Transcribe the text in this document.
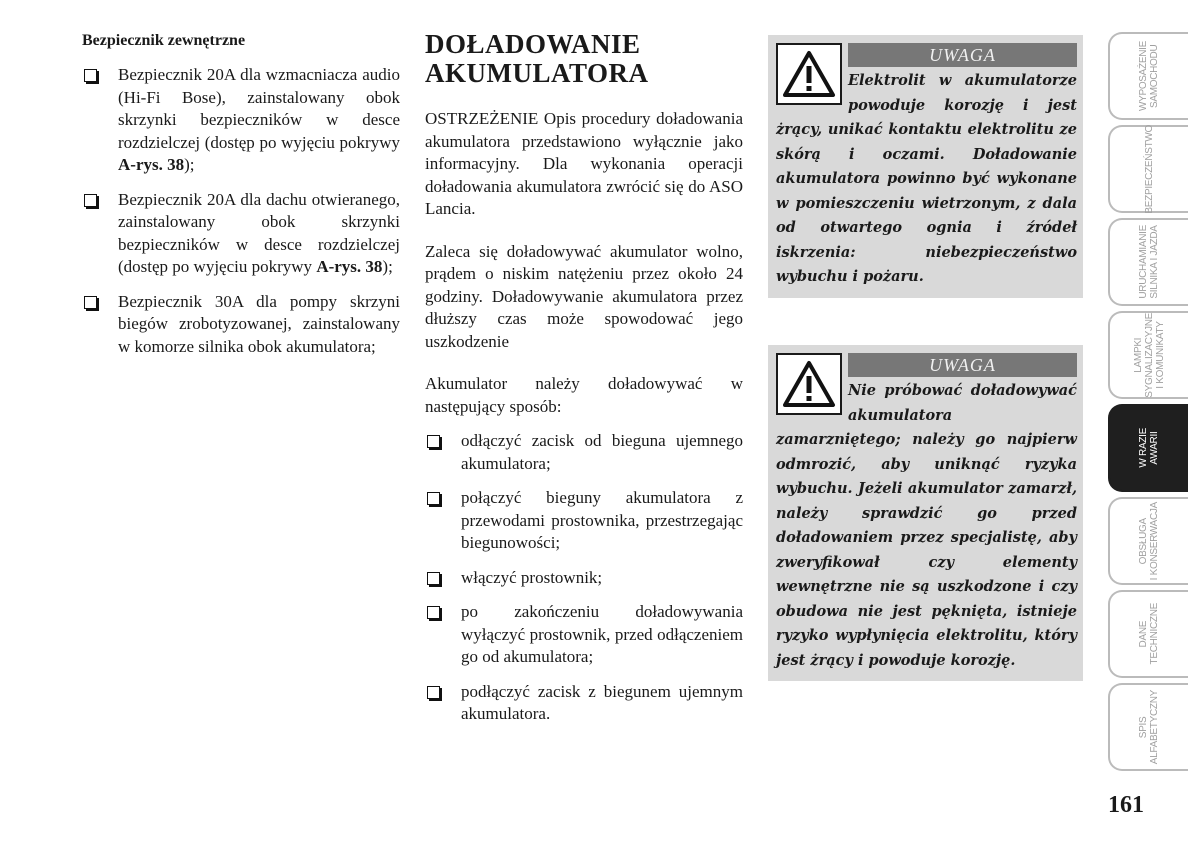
Bezpiecznik zewnętrzne
Bezpiecznik 20A dla wzmacniacza audio (Hi-Fi Bose), zainstalowany obok skrzynki bezpieczników w desce rozdzielczej (dostęp po wyjęciu pokrywy A-rys. 38);
Bezpiecznik 20A dla dachu otwieranego, zainstalowany obok skrzynki bezpieczników w desce rozdzielczej (dostęp po wyjęciu pokrywy A-rys. 38);
Bezpiecznik 30A dla pompy skrzyni biegów zrobotyzowanej, zainstalowany w komorze silnika obok akumulatora;
DOŁADOWANIE AKUMULATORA

OSTRZEŻENIE Opis procedury doładowania akumulatora przedstawiono wyłącznie jako informacyjny. Dla wykonania operacji doładowania akumulatora zwrócić się do ASO Lancia.

Zaleca się doładowywać akumulator wolno, prądem o niskim natężeniu przez około 24 godziny. Doładowywanie akumulatora przez dłuższy czas może spowodować jego uszkodzenie

Akumulator należy doładowywać w następujący sposób:

odłączyć zacisk od bieguna ujemnego akumulatora;
połączyć bieguny akumulatora z przewodami prostownika, przestrzegając biegunowości;
włączyć prostownik;
po zakończeniu doładowywania wyłączyć prostownik, przed odłączeniem go od akumulatora;
podłączyć zacisk z biegunem ujemnym akumulatora.
UWAGA
Elektrolit w akumulatorze powoduje korozję i jest żrący, unikać kontaktu elektrolitu ze skórą i oczami. Doładowanie akumulatora powinno być wykonane w pomieszczeniu wietrzonym, z dala od otwartego ognia i źródeł iskrzenia: niebezpieczeństwo wybuchu i pożaru.
UWAGA
Nie próbować doładowywać akumulatora zamarzniętego; należy go najpierw odmrozić, aby uniknąć ryzyka wybuchu. Jeżeli akumulator zamarzł, należy sprawdzić go przed doładowaniem przez specjalistę, aby zweryfikował czy elementy wewnętrzne nie są uszkodzone i czy obudowa nie jest pęknięta, istnieje ryzyko wypłynięcia elektrolitu, który jest żrący i powoduje korozję.
WYPOSAŻENIE
SAMOCHODU
BEZPIECZEŃSTWO
URUCHAMIANIE
SILNIKA I JAZDA
LAMPKI
SYGNALIZACYJNE
I KOMUNIKATY
W RAZIE
AWARII
OBSŁUGA
I KONSERWACJA
DANE
TECHNICZNE
SPIS
ALFABETYCZNY
161
